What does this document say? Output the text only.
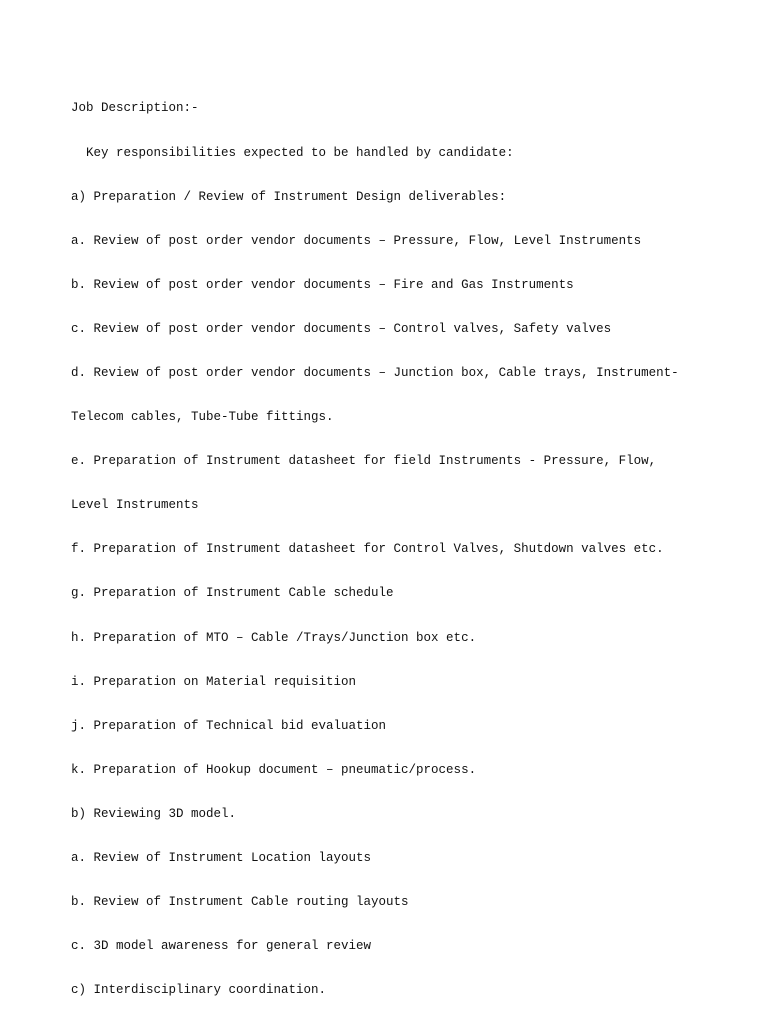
Job Description:-

Key responsibilities expected to be handled by candidate:

a) Preparation / Review of Instrument Design deliverables:

a. Review of post order vendor documents – Pressure, Flow, Level Instruments

b. Review of post order vendor documents – Fire and Gas Instruments

c. Review of post order vendor documents – Control valves, Safety valves

d. Review of post order vendor documents – Junction box, Cable trays, Instrument-

Telecom cables, Tube-Tube fittings.

e. Preparation of Instrument datasheet for field Instruments - Pressure, Flow,

Level Instruments

f. Preparation of Instrument datasheet for Control Valves, Shutdown valves etc.

g. Preparation of Instrument Cable schedule

h. Preparation of MTO – Cable /Trays/Junction box etc.

i. Preparation on Material requisition

j. Preparation of Technical bid evaluation

k. Preparation of Hookup document – pneumatic/process.

b) Reviewing 3D model.

a. Review of Instrument Location layouts

b. Review of Instrument Cable routing layouts

c. 3D model awareness for general review

c) Interdisciplinary coordination.
